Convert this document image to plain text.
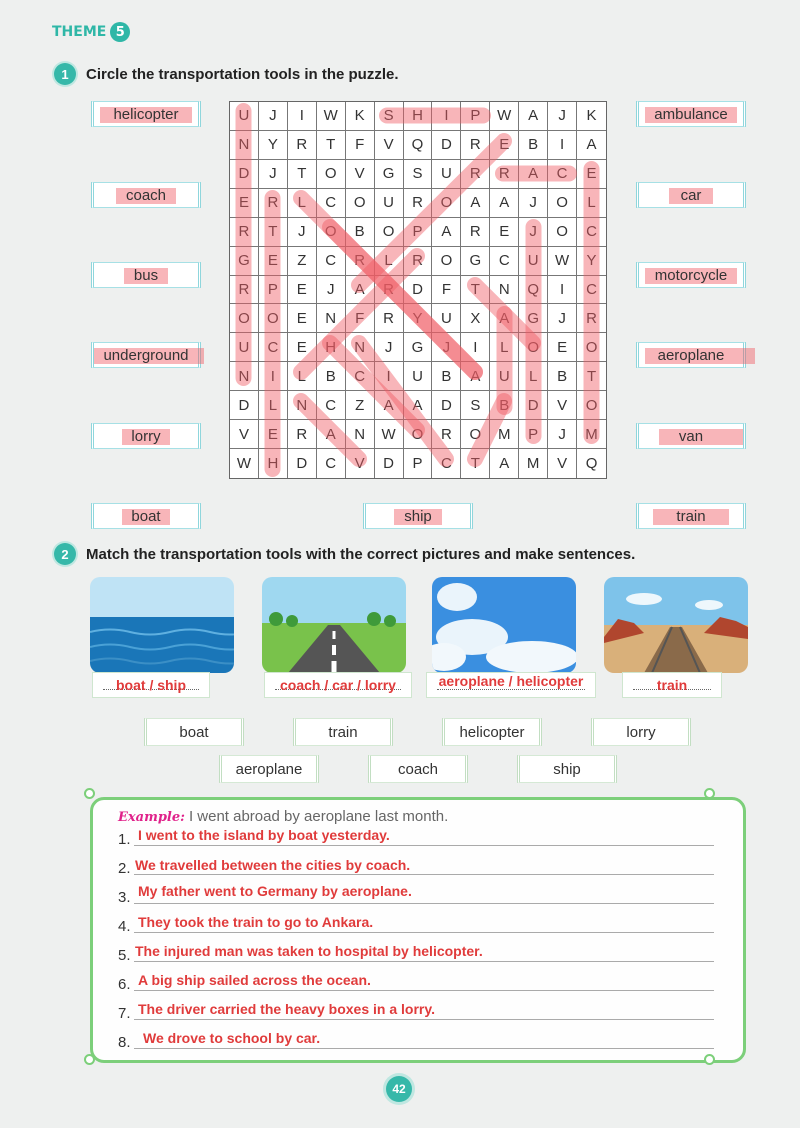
THEME 5
1	Circle the transportation tools in the puzzle.
helicopter
coach
bus
underground
lorry
boat
ambulance
car
motorcycle
aeroplane
van
train
ship
U	J	I	W	K	S	H	I	P	W	A	J	K
N	Y	R	T	F	V	Q	D	R	E	B	I	A
D	J	T	O	V	G	S	U	R	R	A	C	E
E	R	L	C	O	U	R	O	A	A	J	O	L
R	T	J	O	B	O	P	A	R	E	J	O	C
G	E	Z	C	R	L	R	O	G	C	U	W	Y
R	P	E	J	A	R	D	F	T	N	Q	I	C
O	O	E	N	F	R	Y	U	X	A	G	J	R
U	C	E	H	N	J	G	J	I	L	O	E	O
N	I	L	B	C	I	U	B	A	U	L	B	T
D	L	N	C	Z	A	A	D	S	B	D	V	O
V	E	R	A	N	W	O	R	O	M	P	J	M
W	H	D	C	V	D	P	C	T	A	M	V	Q
2	Match the transportation tools with the correct pictures and make sentences.
boat / ship	coach / car / lorry	aeroplane / helicopter	train
boat	train	helicopter	lorry
aeroplane	coach	ship
Example: I went abroad by aeroplane last month.
1. I went to the island by boat yesterday.
2. We travelled between the cities by coach.
3. My father went to Germany by aeroplane.
4. They took the train to go to Ankara.
5. The injured man was taken to hospital by helicopter.
6. A big ship sailed across the ocean.
7. The driver carried the heavy boxes in a lorry.
8. We drove to school by car.
42
